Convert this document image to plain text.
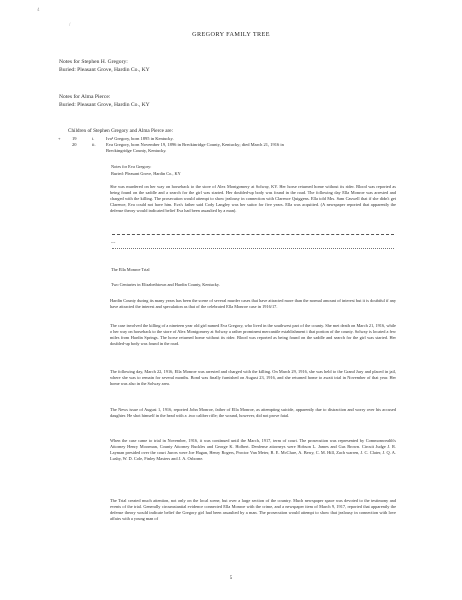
4
/
GREGORY FAMILY TREE
Notes for Stephen H. Gregory:
Buried: Pleasant Grove, Hardin Co., KY
Notes for Alma Pierce:
Buried: Pleasant Grove, Hardin Co., KY
Children of Stephen Gregory and Alma Pierce are:
+	19	i.	Iva² Gregory, born 1895 in Kentucky.
20	ii. Eva Gregory, born November 19, 1896 in Breckinridge County, Kentucky; died March 21, 1916 in
Breckingridge County, Kentucky.
Notes for Eva Gregory:
Buried: Pleasant Grove, Hardin Co., KY
She was murdered on her way on horseback to the store of Alex Montgomery at Solway, KY. Her horse returned home without its rider. Blood was reported as being found on the saddle and a search for the girl was started. Her doubled-up body was found in the road. The following day Ella Monroe was arrested and charged with the killing. The prosecution would attempt to show jealousy in connection with Clarence Quiggens. Ella told Mrs. Sam Caswell that if she didn't get Clarence, Eva could not have him. Eva's father said Cody Langley was her suitor for five years. Ella was acquitted. (A newspaper reported that apparently the defense theory would indicated belief Eva had been assaulted by a man).
---
The Ella Monroe Trial
Two Centuries in Elizabethtown and Hardin County, Kentucky.
Hardin County during its many years has been the scene of several murder cases that have attracted more than the normal amount of interest but it is doubtful if any have attracted the interest and speculation as that of the celebrated Ella Monroe case in 1916/17.
The case involved the killing of a nineteen year old girl named Eva Gregory, who lived in the southwest part of the county. She met death on March 21, 1916, while o her way on horseback to the store of Alex Montgomery at Solway a rather prominent mercantile establishment i that portion of the county. Solway is located a few miles from Hardin Springs. The horse returned home without its rider. Blood was reported as being found on the saddle and search for the girl was started. Her doubled-up body was found in the road.
The following day, March 22, 1916, Ella Monroe was arrested and charged with the killing. On March 29, 1916, she was held to the Grand Jury and placed in jail, where she was to remain for several months. Bond was finally furnished on August 23, 1916, and she returned home to await trial in November of that year. Her home was also in the Solway area.
The News issue of August 1, 1916, reported John Monroe, father of Ella Monroe, as attempting suicide, apparently due to distraction and worry over his accused daughter. He shot himself in the head with a .two caliber rifle; the wound, however, did not prove fatal.
When the case came to trial in November, 1916, it was continued until the March, 1917, term of court. The prosecution was represented by Commonwealth's Attorney Henry Moorman, County Attorney Buckles and George K. Holbert. Denfense attorneys were Hobson L. James and Gus Brown. Circuit Judge J. R. Layman presided over the court Jurors were Joe Hagan, Henry Rogers, Proctor Van Meter, B. E. McClure, A. Berry, C. M. Hill, Zach warren, J. C. Clater, J. Q. A. Lusby, W. D. Cole, Finley Masters and J. A. Osborne.
The Trial created much attention, not only on the local scene, but over a large section of the country. Much newspaper space was devoted to the testimony and events of the trial. Generally circumstantial evidence connected Ella Monroe with the crime, and a newspaper item of March 9, 1917, reported that apparently the defense theory would indicate belief the Gregory girl had been assaulted by a man. The prosecution would attempt to show that jealousy in connection with love affairs with a young man of
5
